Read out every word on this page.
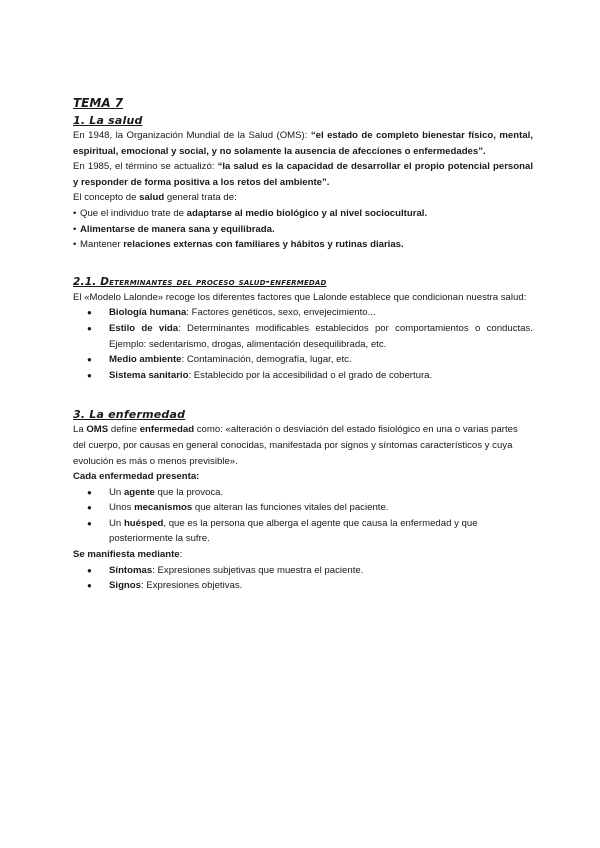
TEMA 7
1. La salud

En 1948, la Organización Mundial de la Salud (OMS): “el estado de completo bienestar físico, mental, espiritual, emocional y social, y no solamente la ausencia de afecciones o enfermedades”.

En 1985, el término se actualizó: “la salud es la capacidad de desarrollar el propio potencial personal y responder de forma positiva a los retos del ambiente”.

El concepto de salud general trata de:

• Que el individuo trate de adaptarse al medio biológico y al nivel sociocultural.
• Alimentarse de manera sana y equilibrada.
• Mantener relaciones externas con familiares y hábitos y rutinas diarias.
2.1. Determinantes del proceso salud-enfermedad

El «Modelo Lalonde» recoge los diferentes factores que Lalonde establece que condicionan nuestra salud:

● Biología humana: Factores genéticos, sexo, envejecimiento...
● Estilo de vida: Determinantes modificables establecidos por comportamientos o conductas. Ejemplo: sedentarismo, drogas, alimentación desequilibrada, etc.
● Medio ambiente: Contaminación, demografía, lugar, etc.
● Sistema sanitario: Establecido por la accesibilidad o el grado de cobertura.
3. La enfermedad

La OMS define enfermedad como: «alteración o desviación del estado fisiológico en una o varias partes del cuerpo, por causas en general conocidas, manifestada por signos y síntomas característicos y cuya evolución es más o menos previsible».

Cada enfermedad presenta:

● Un agente que la provoca.
● Unos mecanismos que alteran las funciones vitales del paciente.
● Un huésped, que es la persona que alberga el agente que causa la enfermedad y que posteriormente la sufre.

Se manifiesta mediante:

● Síntomas: Expresiones subjetivas que muestra el paciente.
● Signos: Expresiones objetivas.
